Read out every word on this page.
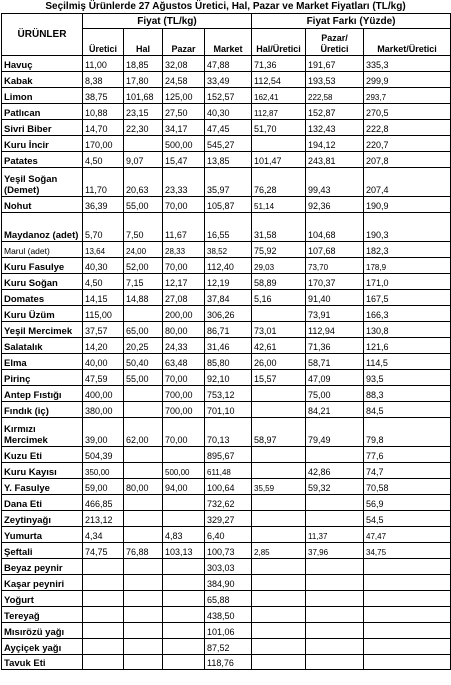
Seçilmiş Ürünlerde 27 Ağustos Üretici, Hal, Pazar ve Market Fiyatları (TL/kg)
ÜRÜNLER	Fiyat (TL/kg)				Fiyat Farkı (Yüzde)		
	Üretici	Hal	Pazar	Market	Hal/Üretici	Pazar/ Üretici	Market/Üretici
Havuç	11,00	18,85	32,08	47,88	71,36	191,67	335,3
Kabak	8,38	17,80	24,58	33,49	112,54	193,53	299,9
Limon	38,75	101,68	125,00	152,57	162,41	222,58	293,7
Patlıcan	10,88	23,15	27,50	40,30	112,87	152,87	270,5
Sivri Biber	14,70	22,30	34,17	47,45	51,70	132,43	222,8
Kuru İncir	170,00		500,00	545,27		194,12	220,7
Patates	4,50	9,07	15,47	13,85	101,47	243,81	207,8
Yeşil Soğan (Demet)	11,70	20,63	23,33	35,97	76,28	99,43	207,4
Nohut	36,39	55,00	70,00	105,87	51,14	92,36	190,9
Maydanoz (adet)	5,70	7,50	11,67	16,55	31,58	104,68	190,3
Marul (adet)	13,64	24,00	28,33	38,52	75,92	107,68	182,3
Kuru Fasulye	40,30	52,00	70,00	112,40	29,03	73,70	178,9
Kuru Soğan	4,50	7,15	12,17	12,19	58,89	170,37	171,0
Domates	14,15	14,88	27,08	37,84	5,16	91,40	167,5
Kuru Üzüm	115,00		200,00	306,26		73,91	166,3
Yeşil Mercimek	37,57	65,00	80,00	86,71	73,01	112,94	130,8
Salatalık	14,20	20,25	24,33	31,46	42,61	71,36	121,6
Elma	40,00	50,40	63,48	85,80	26,00	58,71	114,5
Pirinç	47,59	55,00	70,00	92,10	15,57	47,09	93,5
Antep Fıstığı	400,00		700,00	753,12		75,00	88,3
Fındık (iç)	380,00		700,00	701,10		84,21	84,5
Kırmızı Mercimek	39,00	62,00	70,00	70,13	58,97	79,49	79,8
Kuzu Eti	504,39			895,67			77,6
Kuru Kayısı	350,00		500,00	611,48		42,86	74,7
Y. Fasulye	59,00	80,00	94,00	100,64	35,59	59,32	70,58
Dana Eti	466,85			732,62			56,9
Zeytinyağı	213,12			329,27			54,5
Yumurta	4,34		4,83	6,40		11,37	47,47
Şeftali	74,75	76,88	103,13	100,73	2,85	37,96	34,75
Beyaz peynir				303,03			
Kaşar peyniri				384,90			
Yoğurt				65,88			
Tereyağ				438,50			
Mısırözü yağı				101,06			
Ayçiçek yağı				87,52			
Tavuk Eti				118,76			
